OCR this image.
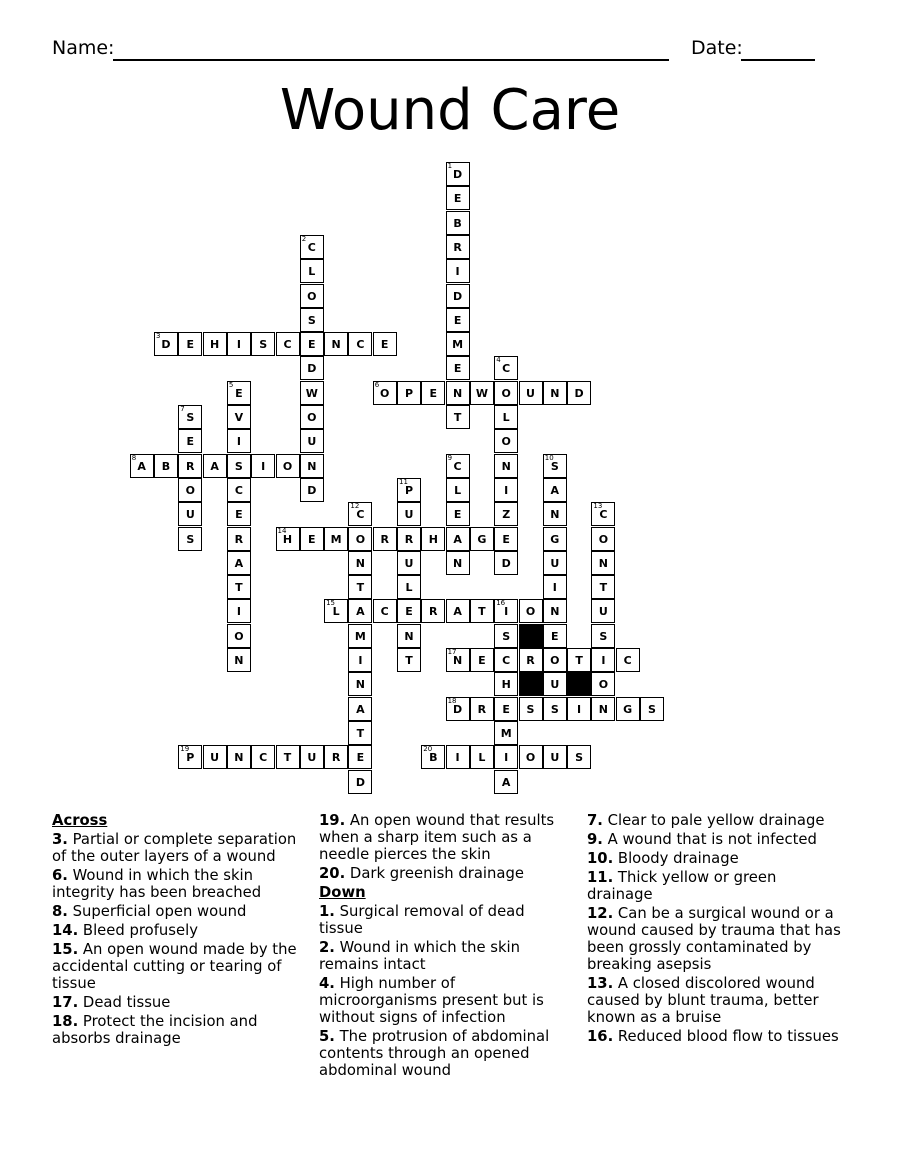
Name:	Date:
Wound Care
D
1
E
B
R
I
D
E
M
E
N
T
C
2
L
O
S
E
D
W
O
U
N
D
D
3
E	H	I	S	C	N	C	E
C
4
O
L
O
N
I
Z
E
D
E
5
V
I
S
C
E
R
A
T
I
O
N
O
6
P	E	W	U	N	D
S
7
E
R
O
U
S
A
8
B	A	I	O	C
9
L
E
A
N
S
10
A
N
G
U
I
N
E
O
U
S
P
11
U
R
U
L
E
N
T
C
12
O
N
T
A
M
I
N
A
T
E
D
C
13
O
N
T
U
S
I
O
N
H
14
E	M	R	H	G
L
15
C	R	A	T	I
16
O
S
C
H
E
M
I
A
N
17
E	R	T	C
D
18
R	S	I	G	S
P
19
U	N	C	T	U	R	B
20
I	L	O	U	S
Across
3. Partial or complete separation of the outer layers of a wound
6. Wound in which the skin integrity has been breached
8. Superficial open wound
14. Bleed profusely
15. An open wound made by the accidental cutting or tearing of tissue
17. Dead tissue
18. Protect the incision and absorbs drainage
19. An open wound that results when a sharp item such as a needle pierces the skin
20. Dark greenish drainage
Down
1. Surgical removal of dead tissue
2. Wound in which the skin remains intact
4. High number of microorganisms present but is without signs of infection
5. The protrusion of abdominal contents through an opened abdominal wound
7. Clear to pale yellow drainage
9. A wound that is not infected
10. Bloody drainage
11. Thick yellow or green drainage
12. Can be a surgical wound or a wound caused by trauma that has been grossly contaminated by breaking asepsis
13. A closed discolored wound caused by blunt trauma, better known as a bruise
16. Reduced blood flow to tissues
